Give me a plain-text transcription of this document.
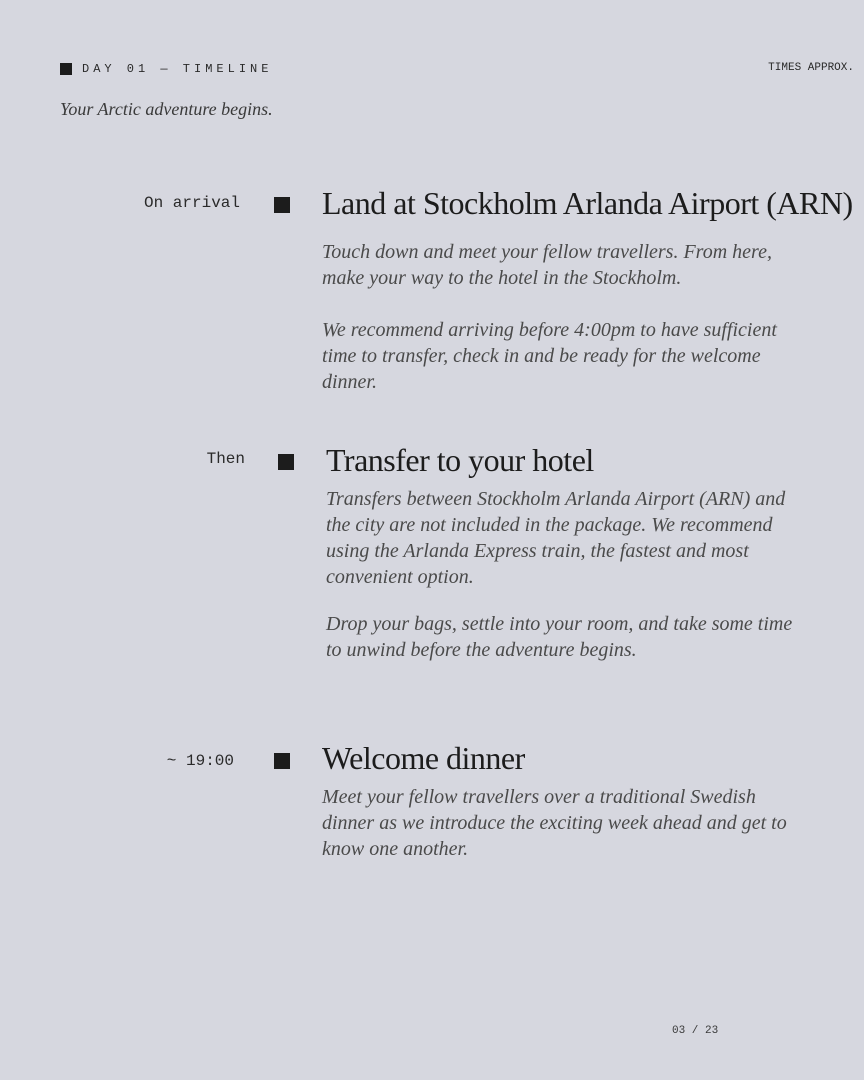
DAY 01 — TIMELINE	TIMES APPROX.
Your Arctic adventure begins.
On arrival	Land at Stockholm Arlanda Airport (ARN)

Touch down and meet your fellow travellers. From here, make your way to the hotel in the Stockholm.

We recommend arriving before 4:00pm to have sufficient time to transfer, check in and be ready for the welcome dinner.

Then	Transfer to your hotel

Transfers between Stockholm Arlanda Airport (ARN) and the city are not included in the package. We recommend using the Arlanda Express train, the fastest and most convenient option.

Drop your bags, settle into your room, and take some time to unwind before the adventure begins.

~ 19:00	Welcome dinner

Meet your fellow travellers over a traditional Swedish dinner as we introduce the exciting week ahead and get to know one another.

03 / 23
